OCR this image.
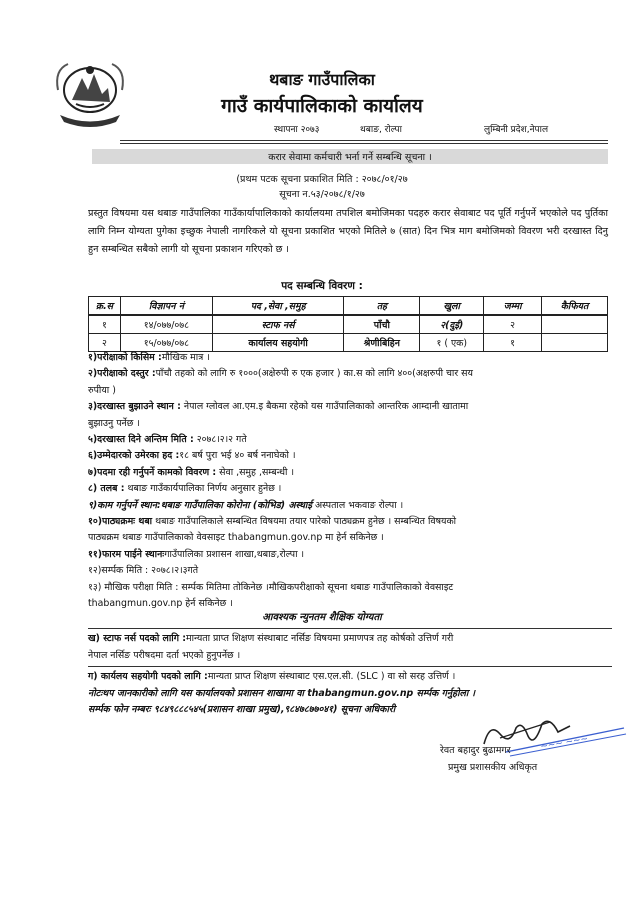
थबाङ गाउँपालिका
गाउँ कार्यपालिकाको कार्यालय
स्थापना २०७३	थबाङ, रोल्पा	लुम्बिनी प्रदेश,नेपाल
करार सेवामा कर्मचारी भर्ना गर्ने सम्बन्धि सूचना ।
(प्रथम पटक सूचना प्रकाशित मिति : २०७८/०१/२७
सूचना न.५३/२०७८/१/२७
प्रस्तुत विषयमा यस थबाङ गाउँपालिका गाउँकार्यापालिकाको कार्यालयमा तपशिल बमोजिमका पदहरु करार सेवाबाट पद पूर्ति गर्नुपर्ने भएकोले पद पुर्तिका लागि निम्न योग्यता पुगेका इच्छुक नेपाली नागरिकले यो सूचना प्रकाशित भएको मितिले ७ (सात) दिन भित्र माग बमोजिमको विवरण भरी दरखास्त दिनु हुन सम्बन्धित सबैको लागी यो सूचना प्रकाशन गरिएको छ ।
पद सम्बन्धि विवरण :
क्र.स	विज्ञापन नं	पद ,सेवा ,समुह	तह	खुला	जम्मा	कैफियत
१	१४/०७७/०७८	स्टाफ नर्स	पाँचौ	२(दुई)	२	
२	१५/०७७/०७८	कार्यालय सहयोगी	श्रेणीबिहिन	१ ( एक)	१	
१)परीक्षाको किसिम :मौखिक मात्र ।
२)परीक्षाको दस्तुर :पाँचौ तहको को लागि रु १०००(अक्षेरुपी रु एक हजार ) का.स को लागि ४००(अक्षरुपी चार सय
रुपीया )
३)दरखास्त बुझाउने स्थान : नेपाल ग्लोवल आ.एम.इ बैकमा रहेको यस गाउँपालिकाको आन्तरिक आम्दानी खातामा
बुझाउनु पर्नेछ ।
५)दरखास्त दिने अन्तिम मिति : २०७८।२।२ गते
६)उम्मेदारको उमेरका हद :१८ बर्ष पुरा भई ४० बर्ष ननाघेको ।
७)पदमा रही गर्नुपर्ने कामको विवरण : सेवा ,समुह ,सम्बन्धी ।
८) तलब : थबाङ गाउँकार्यपालिका निर्णय अनुसार हुनेछ ।
९)काम गर्नुपर्ने स्थान:थबाङ गाउँपालिका कोरोना (कोभिड) अस्थाई अस्पताल भकवाङ रोल्पा ।
१०)पाठ्यक्रमः थबा थबाङ गाउँपालिकाले सम्बन्धित विषयमा तयार पारेको पाठ्यक्रम हुनेछ । सम्बन्धित विषयको
पाठ्यक्रम थबाङ गाउँपालिकाको वेवसाइट thabangmun.gov.np मा हेर्न सकिनेछ ।
११)फारम पाईने स्थानःगाउँपालिका प्रशासन शाखा,थबाङ,रोल्पा ।
१२)सर्म्पक मिति : २०७८।२।३गते
१३) मौखिक परीक्षा मिति : सर्म्पक मितिमा तोकिनेछ ।मौखिकपरीक्षाको सूचना थबाङ गाउँपालिकाको वेवसाइट
thabangmun.gov.np हेर्न सकिनेछ ।
आवश्यक न्युनतम शैक्षिक योग्यता
ख) स्टाफ नर्स पदको लागि :मान्यता प्राप्त शिक्षण संस्थाबाट नर्सिङ विषयमा प्रमाणपत्र तह कोर्षको उत्तिर्ण गरी
नेपाल नर्सिङ परीषदमा दर्ता भएको हुनुपर्नेछ ।
ग) कार्यलय सहयोगी पदको लागि :मान्यता प्राप्त शिक्षण संस्थाबाट एस.एल.सी. (SLC ) वा सो सरह उत्तिर्ण ।
नोटःथप जानकारीको लागि यस कार्यालयको प्रशासन शाखामा वा thabangmun.gov.np सर्म्पक गर्नुहोला ।
सर्म्पक फोन नम्बरः ९८४९८८८५४५(प्रशासन शाखा प्रमुख),९८४७८७७०४१) सूचना अधिकारी
~~~ ~~~
रेवत बहादुर बुढामगर
प्रमुख प्रशासकीय अधिकृत
